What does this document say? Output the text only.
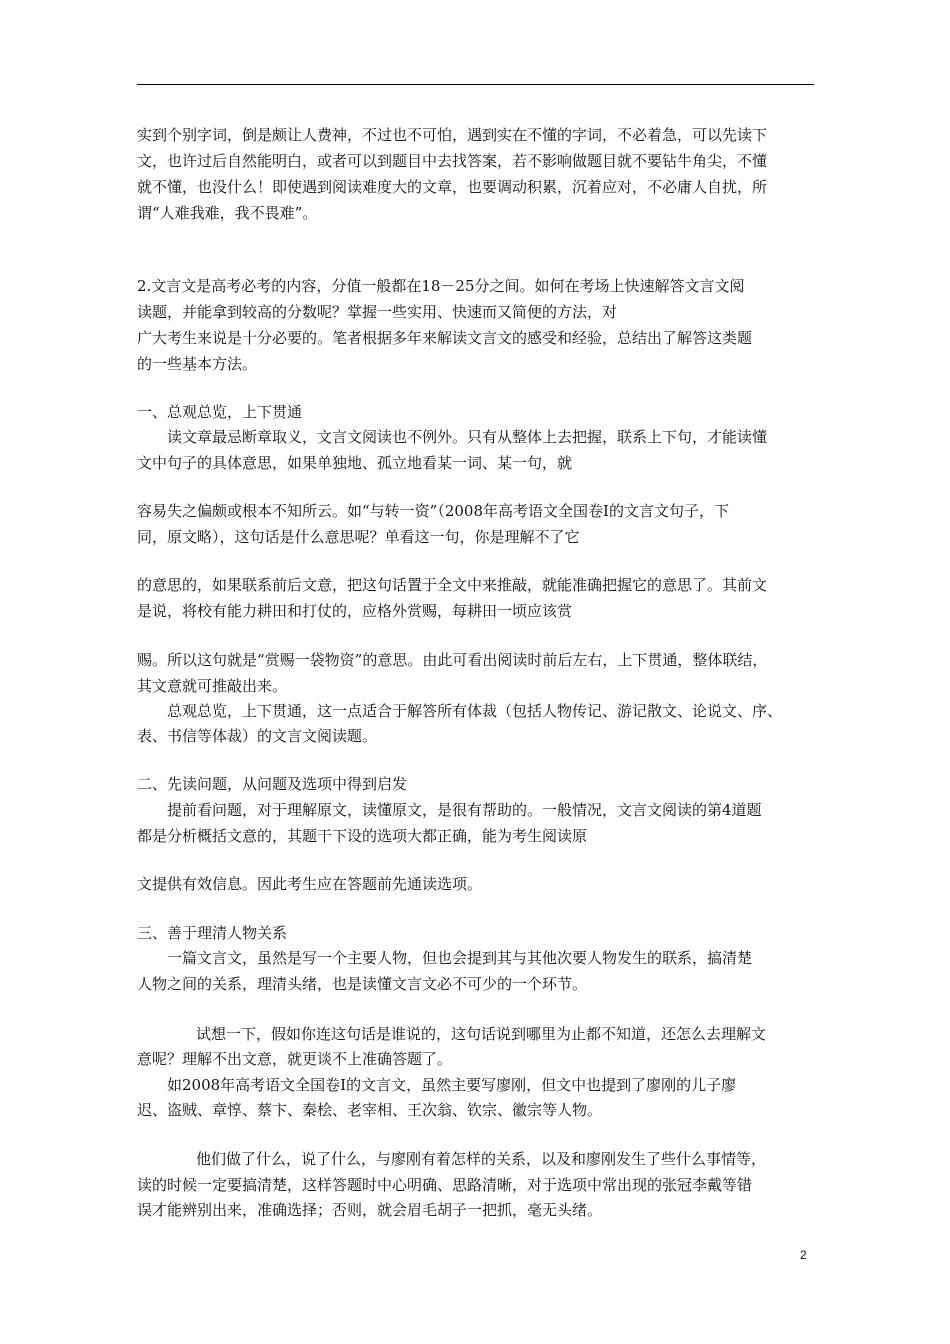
实到个别字词，倒是颇让人费神，不过也不可怕，遇到实在不懂的字词，不必着急，可以先读下
文，也许过后自然能明白，或者可以到题目中去找答案，若不影响做题目就不要钻牛角尖，不懂
就不懂，也没什么！即使遇到阅读难度大的文章，也要调动积累，沉着应对，不必庸人自扰，所
谓“人难我难，我不畏难”。
2.文言文是高考必考的内容，分值一般都在18－25分之间。如何在考场上快速解答文言文阅
读题，并能拿到较高的分数呢？掌握一些实用、快速而又简便的方法，对
广大考生来说是十分必要的。笔者根据多年来解读文言文的感受和经验，总结出了解答这类题
的一些基本方法。
一、总观总览，上下贯通
读文章最忌断章取义，文言文阅读也不例外。只有从整体上去把握，联系上下句，才能读懂
文中句子的具体意思，如果单独地、孤立地看某一词、某一句，就
容易失之偏颇或根本不知所云。如“与转一资”（2008年高考语文全国卷Ⅰ的文言文句子，下
同，原文略），这句话是什么意思呢？单看这一句，你是理解不了它
的意思的，如果联系前后文意，把这句话置于全文中来推敲，就能准确把握它的意思了。其前文
是说，将校有能力耕田和打仗的，应格外赏赐，每耕田一顷应该赏
赐。所以这句就是“赏赐一袋物资”的意思。由此可看出阅读时前后左右，上下贯通，整体联结，
其文意就可推敲出来。
总观总览，上下贯通，这一点适合于解答所有体裁（包括人物传记、游记散文、论说文、序、
表、书信等体裁）的文言文阅读题。
二、先读问题，从问题及选项中得到启发
提前看问题，对于理解原文，读懂原文，是很有帮助的。一般情况，文言文阅读的第4道题
都是分析概括文意的，其题干下设的选项大都正确，能为考生阅读原
文提供有效信息。因此考生应在答题前先通读选项。
三、善于理清人物关系
一篇文言文，虽然是写一个主要人物，但也会提到其与其他次要人物发生的联系，搞清楚
人物之间的关系，理清头绪，也是读懂文言文必不可少的一个环节。
试想一下，假如你连这句话是谁说的，这句话说到哪里为止都不知道，还怎么去理解文
意呢？理解不出文意，就更谈不上准确答题了。
如2008年高考语文全国卷Ⅰ的文言文，虽然主要写廖刚，但文中也提到了廖刚的儿子廖
迟、盗贼、章惇、蔡卞、秦桧、老宰相、王次翁、钦宗、徽宗等人物。
他们做了什么，说了什么，与廖刚有着怎样的关系，以及和廖刚发生了些什么事情等，
读的时候一定要搞清楚，这样答题时中心明确、思路清晰，对于选项中常出现的张冠李戴等错
误才能辨别出来，准确选择；否则，就会眉毛胡子一把抓，毫无头绪。
2
